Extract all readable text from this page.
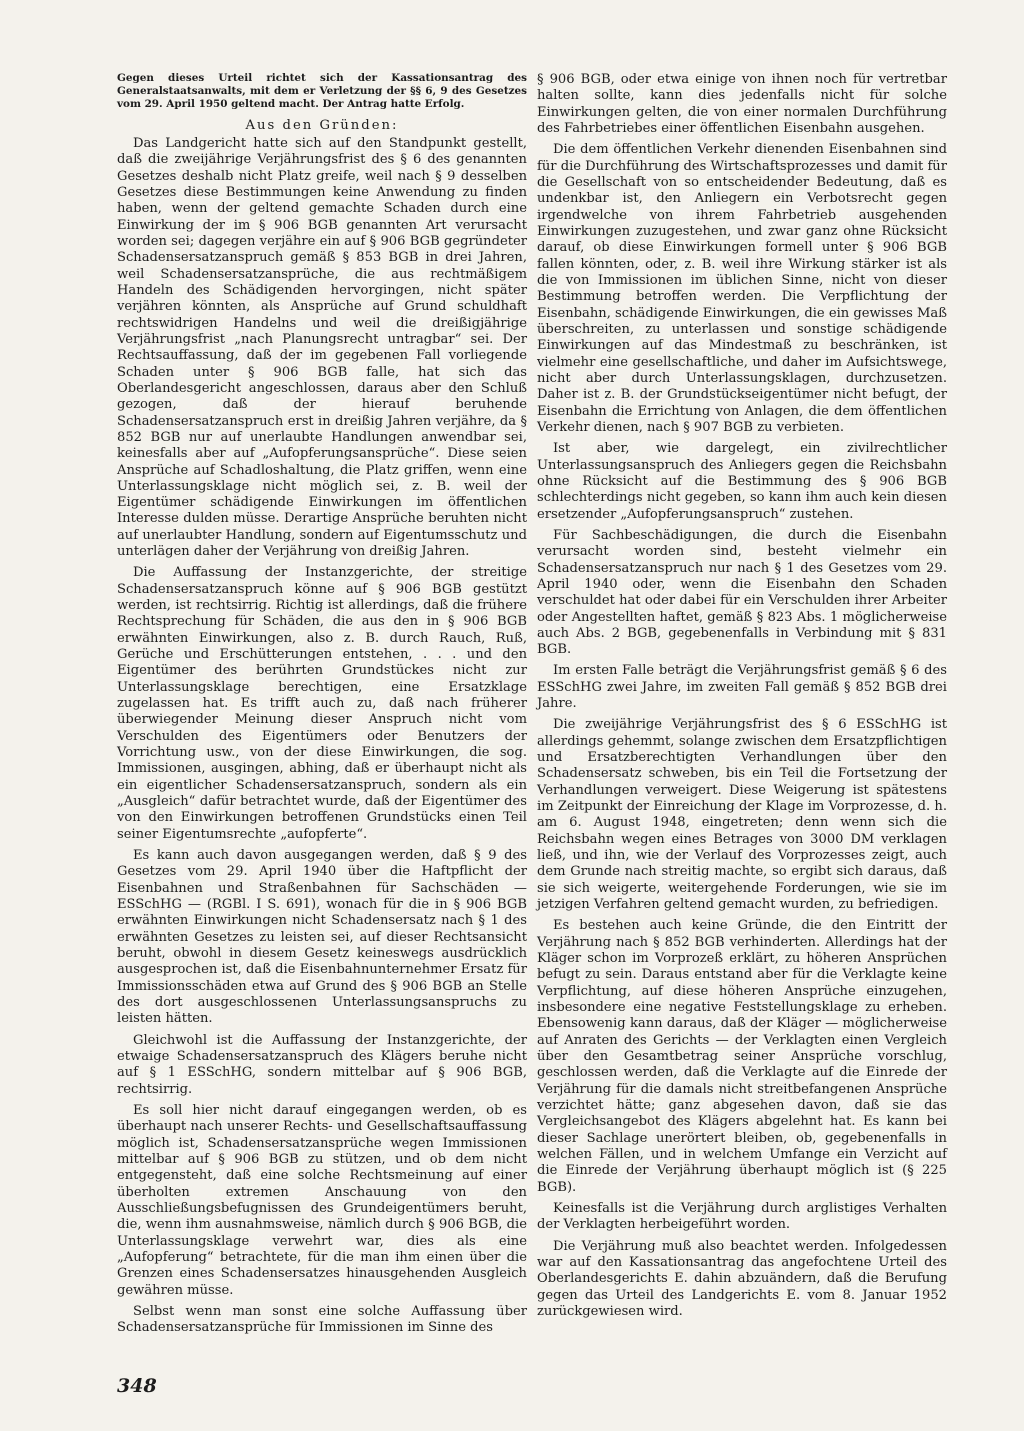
Gegen dieses Urteil richtet sich der Kassationsantrag des Generalstaatsanwalts, mit dem er Verletzung der §§ 6, 9 des Gesetzes vom 29. April 1950 geltend macht. Der Antrag hatte Erfolg.

Aus den Gründen:

Das Landgericht hatte sich auf den Standpunkt gestellt, daß die zweijährige Verjährungsfrist des § 6 des genannten Gesetzes deshalb nicht Platz greife, weil nach § 9 desselben Gesetzes diese Bestimmungen keine Anwendung zu finden haben, wenn der geltend gemachte Schaden durch eine Einwirkung der im § 906 BGB genannten Art verursacht worden sei; dagegen verjähre ein auf § 906 BGB gegründeter Schadensersatzanspruch gemäß § 853 BGB in drei Jahren, weil Schadensersatzansprüche, die aus rechtmäßigem Handeln des Schädigenden hervorgingen, nicht später verjähren könnten, als Ansprüche auf Grund schuldhaft rechtswidrigen Handelns und weil die dreißigjährige Verjährungsfrist „nach Planungsrecht untragbar“ sei. Der Rechtsauffassung, daß der im gegebenen Fall vorliegende Schaden unter § 906 BGB falle, hat sich das Oberlandesgericht angeschlossen, daraus aber den Schluß gezogen, daß der hierauf beruhende Schadensersatzanspruch erst in dreißig Jahren verjähre, da § 852 BGB nur auf unerlaubte Handlungen anwendbar sei, keinesfalls aber auf „Aufopferungsansprüche“. Diese seien Ansprüche auf Schadloshaltung, die Platz griffen, wenn eine Unterlassungsklage nicht möglich sei, z. B. weil der Eigentümer schädigende Einwirkungen im öffentlichen Interesse dulden müsse. Derartige Ansprüche beruhten nicht auf unerlaubter Handlung, sondern auf Eigentumsschutz und unterlägen daher der Verjährung von dreißig Jahren.

Die Auffassung der Instanzgerichte, der streitige Schadensersatzanspruch könne auf § 906 BGB gestützt werden, ist rechtsirrig. Richtig ist allerdings, daß die frühere Rechtsprechung für Schäden, die aus den in § 906 BGB erwähnten Einwirkungen, also z. B. durch Rauch, Ruß, Gerüche und Erschütterungen entstehen, . . . und den Eigentümer des berührten Grundstückes nicht zur Unterlassungsklage berechtigen, eine Ersatzklage zugelassen hat. Es trifft auch zu, daß nach früherer überwiegender Meinung dieser Anspruch nicht vom Verschulden des Eigentümers oder Benutzers der Vorrichtung usw., von der diese Einwirkungen, die sog. Immissionen, ausgingen, abhing, daß er überhaupt nicht als ein eigentlicher Schadensersatzanspruch, sondern als ein „Ausgleich“ dafür betrachtet wurde, daß der Eigentümer des von den Einwirkungen betroffenen Grundstücks einen Teil seiner Eigentumsrechte „aufopferte“.

Es kann auch davon ausgegangen werden, daß § 9 des Gesetzes vom 29. April 1940 über die Haftpflicht der Eisenbahnen und Straßenbahnen für Sachschäden — ESSchHG — (RGBl. I S. 691), wonach für die in § 906 BGB erwähnten Einwirkungen nicht Schadensersatz nach § 1 des erwähnten Gesetzes zu leisten sei, auf dieser Rechtsansicht beruht, obwohl in diesem Gesetz keineswegs ausdrücklich ausgesprochen ist, daß die Eisenbahnunternehmer Ersatz für Immissionsschäden etwa auf Grund des § 906 BGB an Stelle des dort ausgeschlossenen Unterlassungsanspruchs zu leisten hätten.

Gleichwohl ist die Auffassung der Instanzgerichte, der etwaige Schadensersatzanspruch des Klägers beruhe nicht auf § 1 ESSchHG, sondern mittelbar auf § 906 BGB, rechtsirrig.

Es soll hier nicht darauf eingegangen werden, ob es überhaupt nach unserer Rechts- und Gesellschaftsauffassung möglich ist, Schadensersatzansprüche wegen Immissionen mittelbar auf § 906 BGB zu stützen, und ob dem nicht entgegensteht, daß eine solche Rechtsmeinung auf einer überholten extremen Anschauung von den Ausschließungsbefugnissen des Grundeigentümers beruht, die, wenn ihm ausnahmsweise, nämlich durch § 906 BGB, die Unterlassungsklage verwehrt war, dies als eine „Aufopferung“ betrachtete, für die man ihm einen über die Grenzen eines Schadensersatzes hinausgehenden Ausgleich gewähren müsse.

Selbst wenn man sonst eine solche Auffassung über Schadensersatzansprüche für Immissionen im Sinne des

§ 906 BGB, oder etwa einige von ihnen noch für vertretbar halten sollte, kann dies jedenfalls nicht für solche Einwirkungen gelten, die von einer normalen Durchführung des Fahrbetriebes einer öffentlichen Eisenbahn ausgehen.

Die dem öffentlichen Verkehr dienenden Eisenbahnen sind für die Durchführung des Wirtschaftsprozesses und damit für die Gesellschaft von so entscheidender Bedeutung, daß es undenkbar ist, den Anliegern ein Verbotsrecht gegen irgendwelche von ihrem Fahrbetrieb ausgehenden Einwirkungen zuzugestehen, und zwar ganz ohne Rücksicht darauf, ob diese Einwirkungen formell unter § 906 BGB fallen könnten, oder, z. B. weil ihre Wirkung stärker ist als die von Immissionen im üblichen Sinne, nicht von dieser Bestimmung betroffen werden. Die Verpflichtung der Eisenbahn, schädigende Einwirkungen, die ein gewisses Maß überschreiten, zu unterlassen und sonstige schädigende Einwirkungen auf das Mindestmaß zu beschränken, ist vielmehr eine gesellschaftliche, und daher im Aufsichtswege, nicht aber durch Unterlassungsklagen, durchzusetzen. Daher ist z. B. der Grundstückseigentümer nicht befugt, der Eisenbahn die Errichtung von Anlagen, die dem öffentlichen Verkehr dienen, nach § 907 BGB zu verbieten.

Ist aber, wie dargelegt, ein zivilrechtlicher Unterlassungsanspruch des Anliegers gegen die Reichsbahn ohne Rücksicht auf die Bestimmung des § 906 BGB schlechterdings nicht gegeben, so kann ihm auch kein diesen ersetzender „Aufopferungsanspruch“ zustehen.

Für Sachbeschädigungen, die durch die Eisenbahn verursacht worden sind, besteht vielmehr ein Schadensersatzanspruch nur nach § 1 des Gesetzes vom 29. April 1940 oder, wenn die Eisenbahn den Schaden verschuldet hat oder dabei für ein Verschulden ihrer Arbeiter oder Angestellten haftet, gemäß § 823 Abs. 1 möglicherweise auch Abs. 2 BGB, gegebenenfalls in Verbindung mit § 831 BGB.

Im ersten Falle beträgt die Verjährungsfrist gemäß § 6 des ESSchHG zwei Jahre, im zweiten Fall gemäß § 852 BGB drei Jahre.

Die zweijährige Verjährungsfrist des § 6 ESSchHG ist allerdings gehemmt, solange zwischen dem Ersatzpflichtigen und Ersatzberechtigten Verhandlungen über den Schadensersatz schweben, bis ein Teil die Fortsetzung der Verhandlungen verweigert. Diese Weigerung ist spätestens im Zeitpunkt der Einreichung der Klage im Vorprozesse, d. h. am 6. August 1948, eingetreten; denn wenn sich die Reichsbahn wegen eines Betrages von 3000 DM verklagen ließ, und ihn, wie der Verlauf des Vorprozesses zeigt, auch dem Grunde nach streitig machte, so ergibt sich daraus, daß sie sich weigerte, weitergehende Forderungen, wie sie im jetzigen Verfahren geltend gemacht wurden, zu befriedigen.

Es bestehen auch keine Gründe, die den Eintritt der Verjährung nach § 852 BGB verhinderten. Allerdings hat der Kläger schon im Vorprozeß erklärt, zu höheren Ansprüchen befugt zu sein. Daraus entstand aber für die Verklagte keine Verpflichtung, auf diese höheren Ansprüche einzugehen, insbesondere eine negative Feststellungsklage zu erheben. Ebensowenig kann daraus, daß der Kläger — möglicherweise auf Anraten des Gerichts — der Verklagten einen Vergleich über den Gesamtbetrag seiner Ansprüche vorschlug, geschlossen werden, daß die Verklagte auf die Einrede der Verjährung für die damals nicht streitbefangenen Ansprüche verzichtet hätte; ganz abgesehen davon, daß sie das Vergleichsangebot des Klägers abgelehnt hat. Es kann bei dieser Sachlage unerörtert bleiben, ob, gegebenenfalls in welchen Fällen, und in welchem Umfange ein Verzicht auf die Einrede der Verjährung überhaupt möglich ist (§ 225 BGB).

Keinesfalls ist die Verjährung durch arglistiges Verhalten der Verklagten herbeigeführt worden.

Die Verjährung muß also beachtet werden. Infolgedessen war auf den Kassationsantrag das angefochtene Urteil des Oberlandesgerichts E. dahin abzuändern, daß die Berufung gegen das Urteil des Landgerichts E. vom 8. Januar 1952 zurückgewiesen wird.

348
